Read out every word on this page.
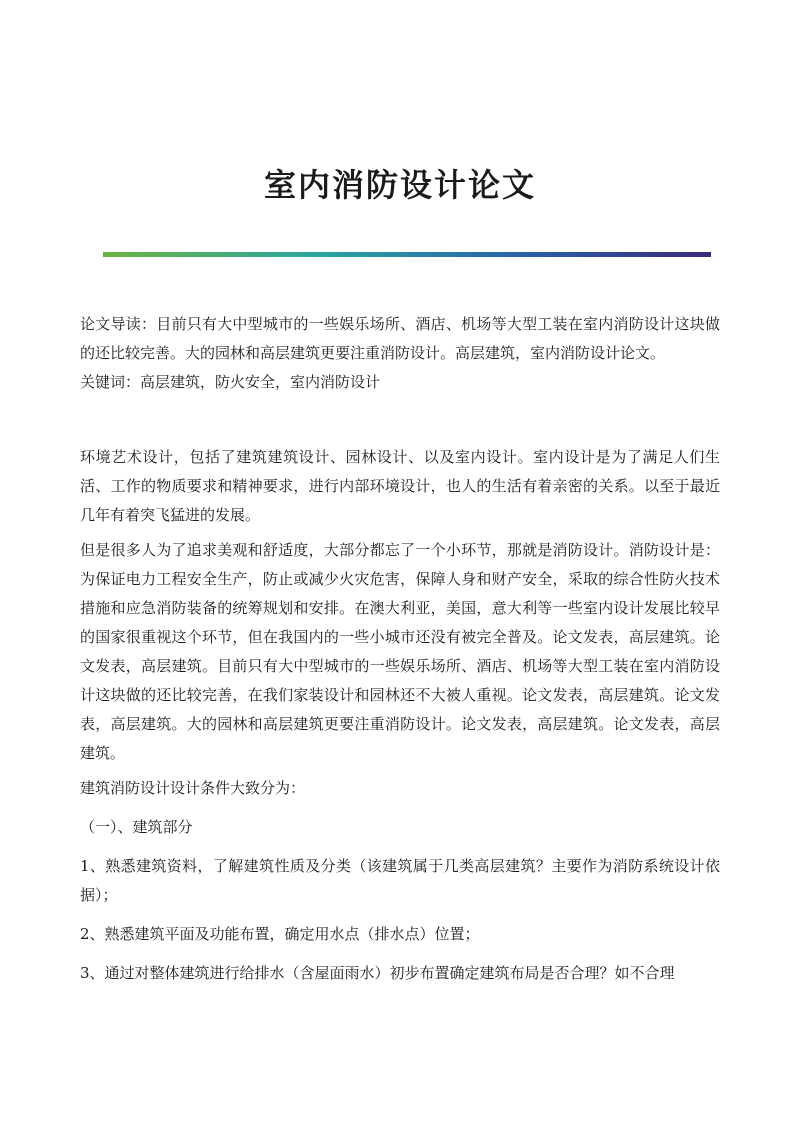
室内消防设计论文

论文导读：目前只有大中型城市的一些娱乐场所、酒店、机场等大型工装在室内消防设计这块做的还比较完善。大的园林和高层建筑更要注重消防设计。高层建筑，室内消防设计论文。

关键词：高层建筑，防火安全，室内消防设计

环境艺术设计，包括了建筑建筑设计、园林设计、以及室内设计。室内设计是为了满足人们生活、工作的物质要求和精神要求，进行内部环境设计，也人的生活有着亲密的关系。以至于最近几年有着突飞猛进的发展。

但是很多人为了追求美观和舒适度，大部分都忘了一个小环节，那就是消防设计。消防设计是：为保证电力工程安全生产，防止或减少火灾危害，保障人身和财产安全，采取的综合性防火技术措施和应急消防装备的统筹规划和安排。在澳大利亚，美国，意大利等一些室内设计发展比较早的国家很重视这个环节，但在我国内的一些小城市还没有被完全普及。论文发表，高层建筑。论文发表，高层建筑。目前只有大中型城市的一些娱乐场所、酒店、机场等大型工装在室内消防设计这块做的还比较完善，在我们家装设计和园林还不大被人重视。论文发表，高层建筑。论文发表，高层建筑。大的园林和高层建筑更要注重消防设计。论文发表，高层建筑。论文发表，高层建筑。

建筑消防设计设计条件大致分为：

（一）、建筑部分

1、熟悉建筑资料，了解建筑性质及分类（该建筑属于几类高层建筑？主要作为消防系统设计依据）；

2、熟悉建筑平面及功能布置，确定用水点（排水点）位置；

3、通过对整体建筑进行给排水（含屋面雨水）初步布置确定建筑布局是否合理？如不合理
